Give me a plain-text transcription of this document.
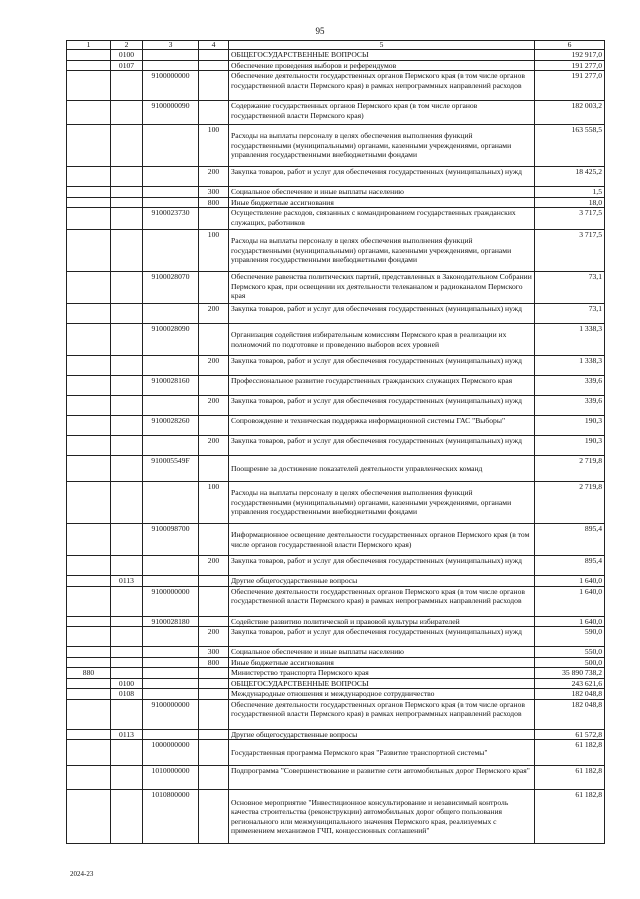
95
1	2	3	4	5	6
	0100			ОБЩЕГОСУДАРСТВЕННЫЕ ВОПРОСЫ	192 917,0
	0107			Обеспечение проведения выборов и референдумов	191 277,0
		9100000000		Обеспечение деятельности государственных органов Пермского края (в том числе органов государственной власти Пермского края) в рамках непрограммных направлений расходов	191 277,0
		9100000090		Содержание государственных органов Пермского края (в том числе органов государственной власти Пермского края)	182 003,2
			100	Расходы на выплаты персоналу в целях обеспечения выполнения функций государственными (муниципальными) органами, казенными учреждениями, органами управления государственными внебюджетными фондами	163 558,5
			200	Закупка товаров, работ и услуг для обеспечения государственных (муниципальных) нужд	18 425,2
			300	Социальное обеспечение и иные выплаты населению	1,5
			800	Иные бюджетные ассигнования	18,0
		9100023730		Осуществление расходов, связанных с командированием государственных гражданских служащих, работников	3 717,5
			100	Расходы на выплаты персоналу в целях обеспечения выполнения функций государственными (муниципальными) органами, казенными учреждениями, органами управления государственными внебюджетными фондами	3 717,5
		9100028070		Обеспечение равенства политических партий, представленных в Законодательном Собрании Пермского края, при освещении их деятельности телеканалом и радиоканалом Пермского края	73,1
			200	Закупка товаров, работ и услуг для обеспечения государственных (муниципальных) нужд	73,1
		9100028090		Организация содействия избирательным комиссиям Пермского края в реализации их полномочий по подготовке и проведению выборов всех уровней	1 338,3
			200	Закупка товаров, работ и услуг для обеспечения государственных (муниципальных) нужд	1 338,3
		9100028160		Профессиональное развитие государственных гражданских служащих Пермского края	339,6
			200	Закупка товаров, работ и услуг для обеспечения государственных (муниципальных) нужд	339,6
		9100028260		Сопровождение и техническая поддержка информационной системы ГАС "Выборы"	190,3
			200	Закупка товаров, работ и услуг для обеспечения государственных (муниципальных) нужд	190,3
		910005549F		Поощрение за достижение показателей деятельности управленческих команд	2 719,8
			100	Расходы на выплаты персоналу в целях обеспечения выполнения функций государственными (муниципальными) органами, казенными учреждениями, органами управления государственными внебюджетными фондами	2 719,8
		9100098700		Информационное освещение деятельности государственных органов Пермского края (в том числе органов государственной власти Пермского края)	895,4
			200	Закупка товаров, работ и услуг для обеспечения государственных (муниципальных) нужд	895,4
	0113			Другие общегосударственные вопросы	1 640,0
		9100000000		Обеспечение деятельности государственных органов Пермского края (в том числе органов государственной власти Пермского края) в рамках непрограммных направлений расходов	1 640,0
		9100028180		Содействие развитию политической и правовой культуры избирателей	1 640,0
			200	Закупка товаров, работ и услуг для обеспечения государственных (муниципальных) нужд	590,0
			300	Социальное обеспечение и иные выплаты населению	550,0
			800	Иные бюджетные ассигнования	500,0
880				Министерство транспорта Пермского края	35 890 738,2
	0100			ОБЩЕГОСУДАРСТВЕННЫЕ ВОПРОСЫ	243 621,6
	0108			Международные отношения и международное сотрудничество	182 048,8
		9100000000		Обеспечение деятельности государственных органов Пермского края (в том числе органов государственной власти Пермского края) в рамках непрограммных направлений расходов	182 048,8
	0113			Другие общегосударственные вопросы	61 572,8
		1000000000		Государственная программа Пермского края "Развитие транспортной системы"	61 182,8
		1010000000		Подпрограмма "Совершенствование и развитие сети автомобильных дорог Пермского края"	61 182,8
		1010800000		Основное мероприятие "Инвестиционное консультирование и независимый контроль качества строительства (реконструкции) автомобильных дорог общего пользования регионального или межмуниципального значения Пермского края, реализуемых с применением механизмов ГЧП, концессионных соглашений"	61 182,8
2024-23
